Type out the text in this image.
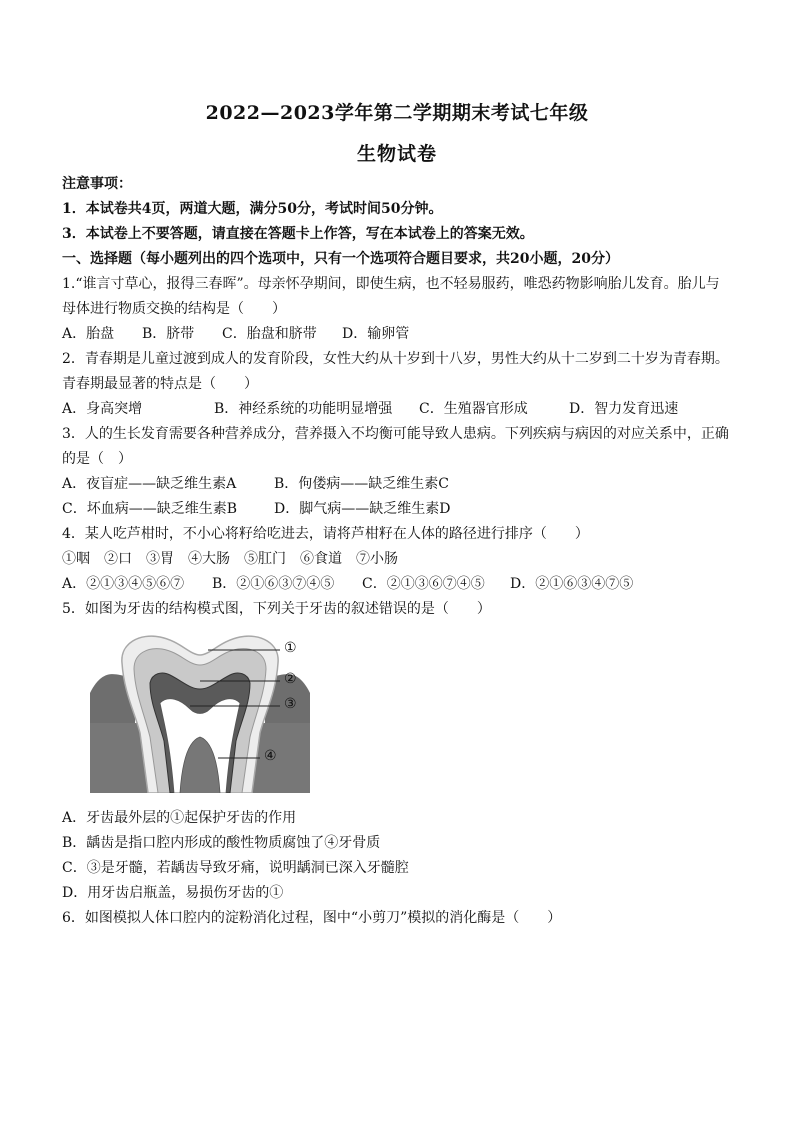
2022—2023学年第二学期期末考试七年级
生物试卷
注意事项：
1．本试卷共4页，两道大题，满分50分，考试时间50分钟。
3．本试卷上不要答题，请直接在答题卡上作答，写在本试卷上的答案无效。
一、选择题（每小题列出的四个选项中，只有一个选项符合题目要求，共20小题，20分）
1.“谁言寸草心，报得三春晖”。母亲怀孕期间，即使生病，也不轻易服药，唯恐药物影响胎儿发育。胎儿与
母体进行物质交换的结构是（　　）
A．胎盘 B．脐带 C．胎盘和脐带 D．输卵管
2．青春期是儿童过渡到成人的发育阶段，女性大约从十岁到十八岁，男性大约从十二岁到二十岁为青春期。
青春期最显著的特点是（　　）
A．身高突增	B．神经系统的功能明显增强 C．生殖器官形成	D．智力发育迅速
3．人的生长发育需要各种营养成分，营养摄入不均衡可能导致人患病。下列疾病与病因的对应关系中，正确
的是（　）
A．夜盲症——缺乏维生素A	B．佝偻病——缺乏维生素C
C．坏血病——缺乏维生素B	D．脚气病——缺乏维生素D
4．某人吃芦柑时，不小心将籽给吃进去，请将芦柑籽在人体的路径进行排序（　　）
①咽　②口　③胃　④大肠　⑤肛门　⑥食道　⑦小肠
A．②①③④⑤⑥⑦ B．②①⑥③⑦④⑤ C．②①③⑥⑦④⑤ D．②①⑥③④⑦⑤
5．如图为牙齿的结构模式图，下列关于牙齿的叙述错误的是（　　）
①
②
③
④
A．牙齿最外层的①起保护牙齿的作用
B．龋齿是指口腔内形成的酸性物质腐蚀了④牙骨质
C．③是牙髓，若龋齿导致牙痛，说明龋洞已深入牙髓腔
D．用牙齿启瓶盖，易损伤牙齿的①
6．如图模拟人体口腔内的淀粉消化过程，图中“小剪刀”模拟的消化酶是（　　）
